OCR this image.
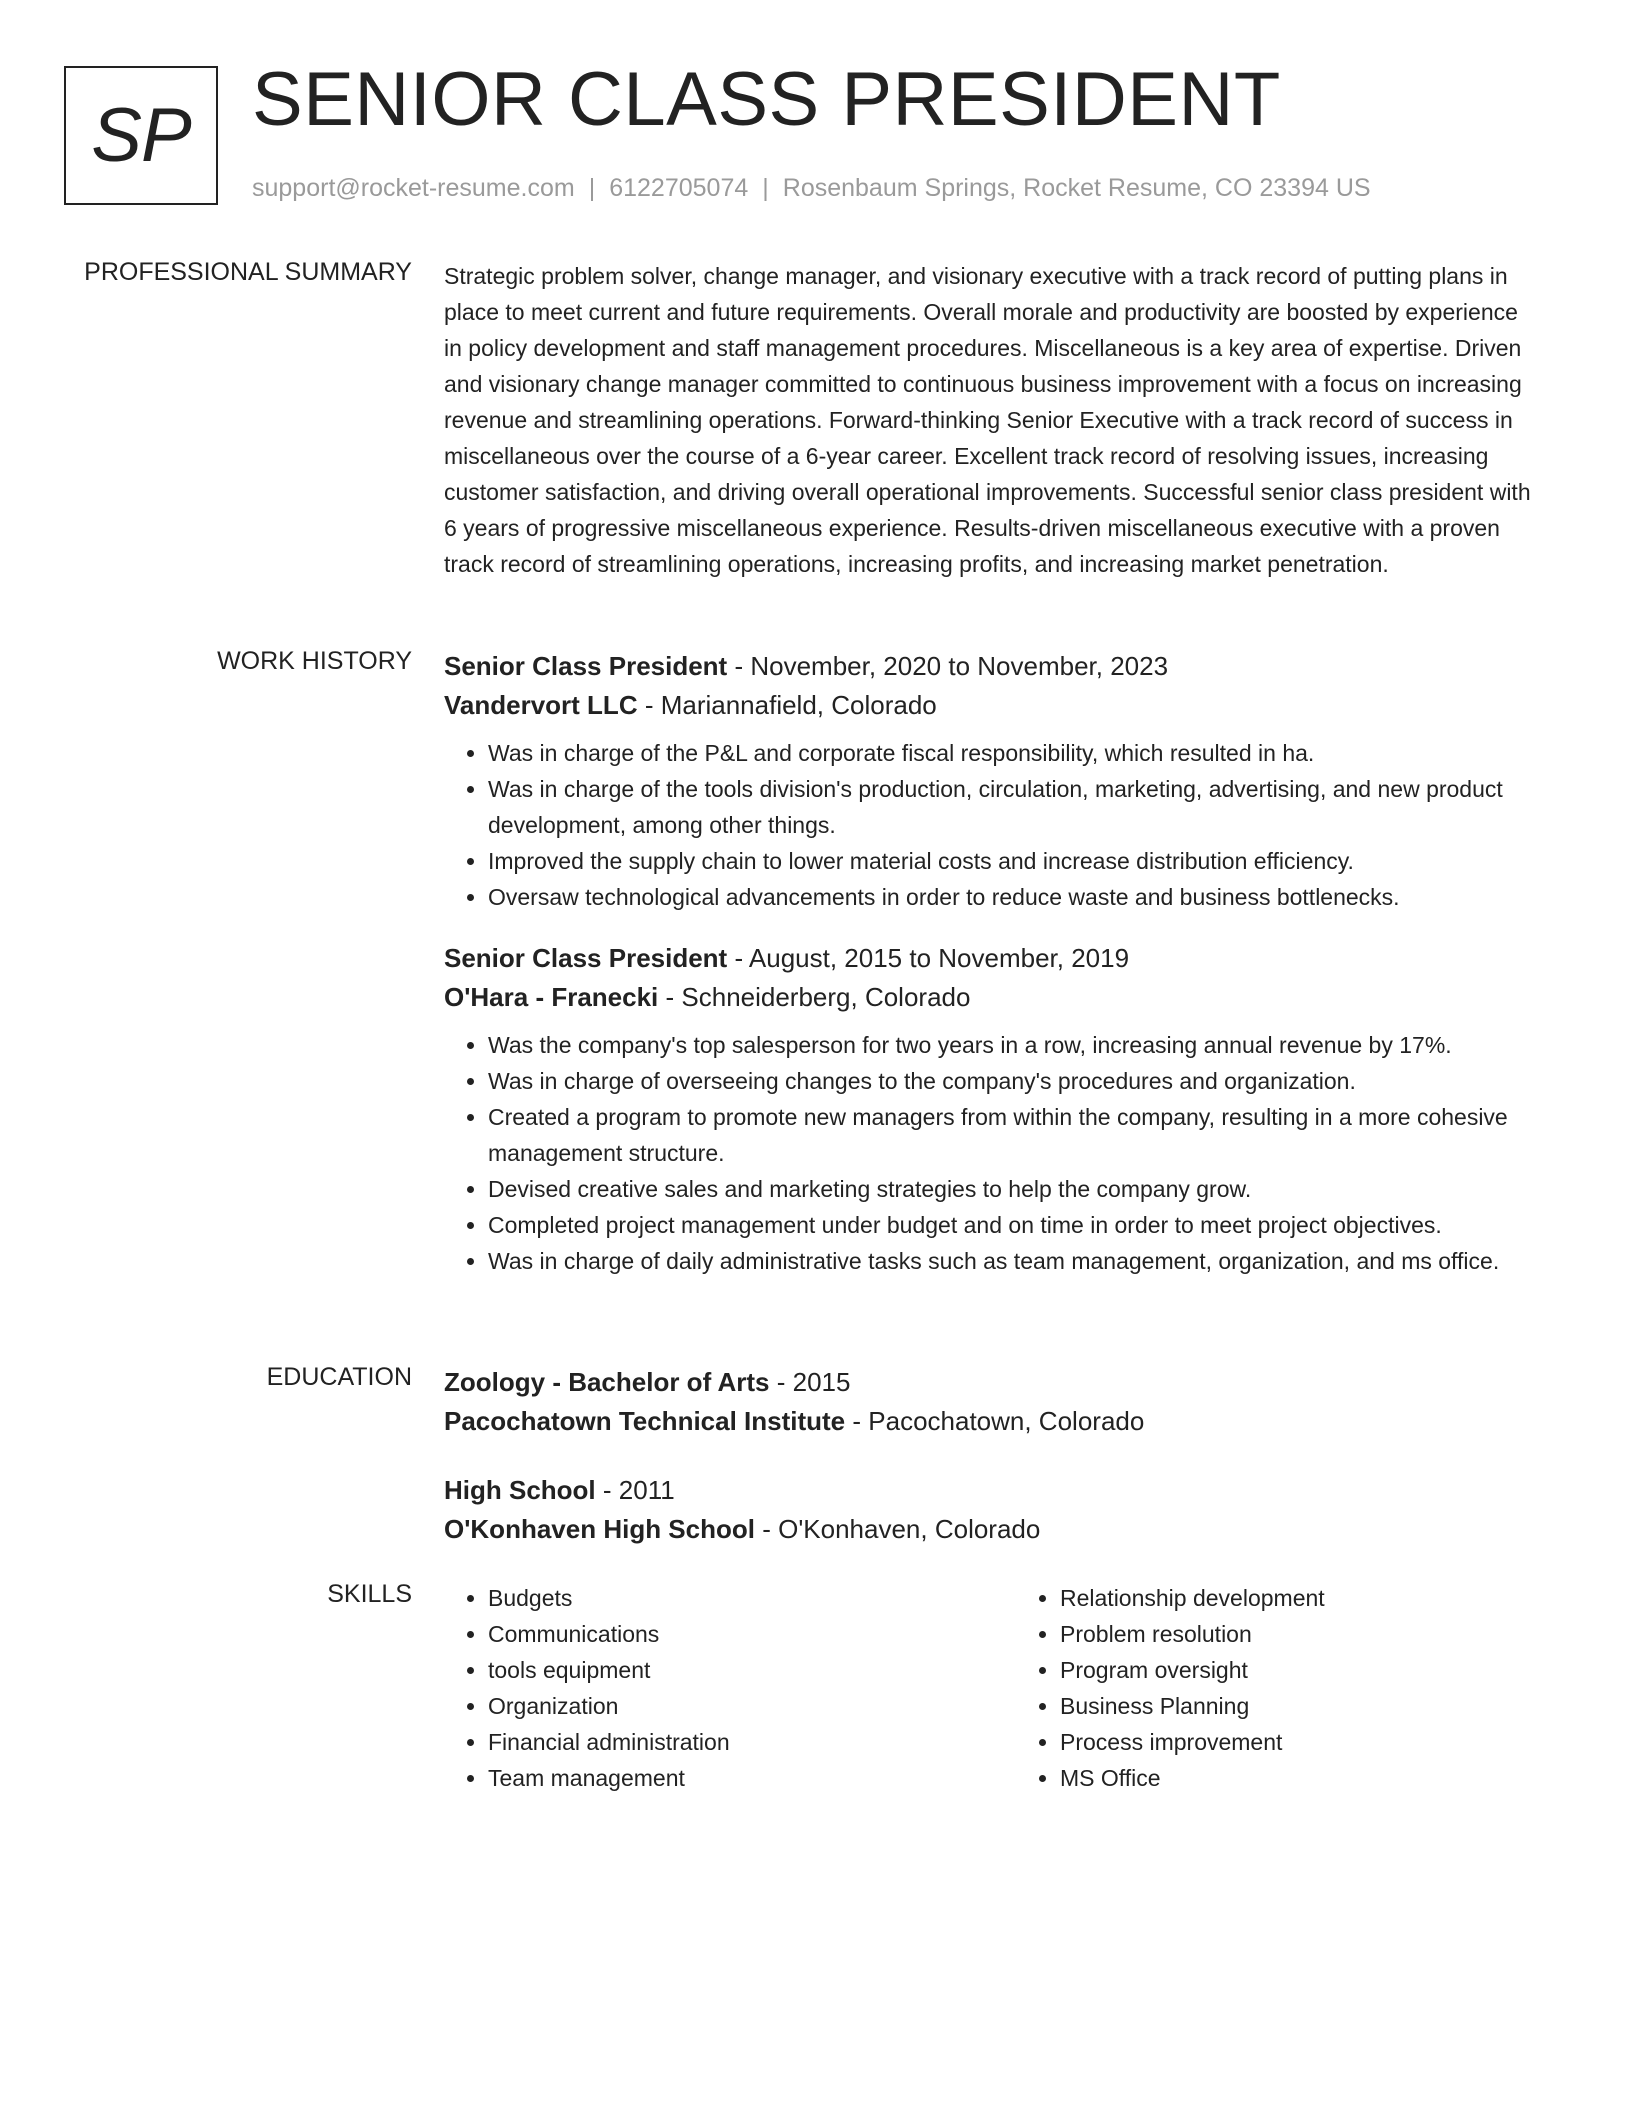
SP SENIOR CLASS PRESIDENT
support@rocket-resume.com | 6122705074 | Rosenbaum Springs, Rocket Resume, CO 23394 US
PROFESSIONAL SUMMARY Strategic problem solver, change manager, and visionary executive with a track record of putting plans in place to meet current and future requirements. Overall morale and productivity are boosted by experience in policy development and staff management procedures. Miscellaneous is a key area of expertise. Driven and visionary change manager committed to continuous business improvement with a focus on increasing revenue and streamlining operations. Forward-thinking Senior Executive with a track record of success in miscellaneous over the course of a 6-year career. Excellent track record of resolving issues, increasing customer satisfaction, and driving overall operational improvements. Successful senior class president with 6 years of progressive miscellaneous experience. Results-driven miscellaneous executive with a proven track record of streamlining operations, increasing profits, and increasing market penetration.

WORK HISTORY Senior Class President - November, 2020 to November, 2023
Vandervort LLC - Mariannafield, Colorado
• Was in charge of the P&L and corporate fiscal responsibility, which resulted in ha.
• Was in charge of the tools division's production, circulation, marketing, advertising, and new product development, among other things.
• Improved the supply chain to lower material costs and increase distribution efficiency.
• Oversaw technological advancements in order to reduce waste and business bottlenecks.
Senior Class President - August, 2015 to November, 2019
O'Hara - Franecki - Schneiderberg, Colorado
• Was the company's top salesperson for two years in a row, increasing annual revenue by 17%.
• Was in charge of overseeing changes to the company's procedures and organization.
• Created a program to promote new managers from within the company, resulting in a more cohesive management structure.
• Devised creative sales and marketing strategies to help the company grow.
• Completed project management under budget and on time in order to meet project objectives.
• Was in charge of daily administrative tasks such as team management, organization, and ms office.
EDUCATION Zoology - Bachelor of Arts - 2015
Pacochatown Technical Institute - Pacochatown, Colorado
High School - 2011
O'Konhaven High School - O'Konhaven, Colorado
SKILLS
•	Budgets
• Communications
• tools equipment
• Organization
• Financial administration
• Team management
• Relationship development
• Problem resolution
• Program oversight
• Business Planning
• Process improvement
• MS Office
